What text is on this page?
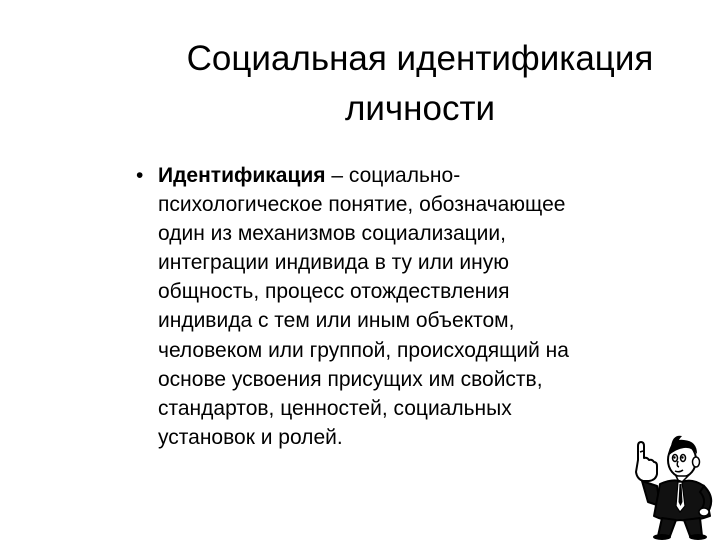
Социальная идентификация
личности
• Идентификация – социально-
психологическое понятие, обозначающее
один из механизмов социализации,
интеграции индивида в ту или иную
общность, процесс отождествления
индивида с тем или иным объектом,
человеком или группой, происходящий на
основе усвоения присущих им свойств,
стандартов, ценностей, социальных
установок и ролей.
